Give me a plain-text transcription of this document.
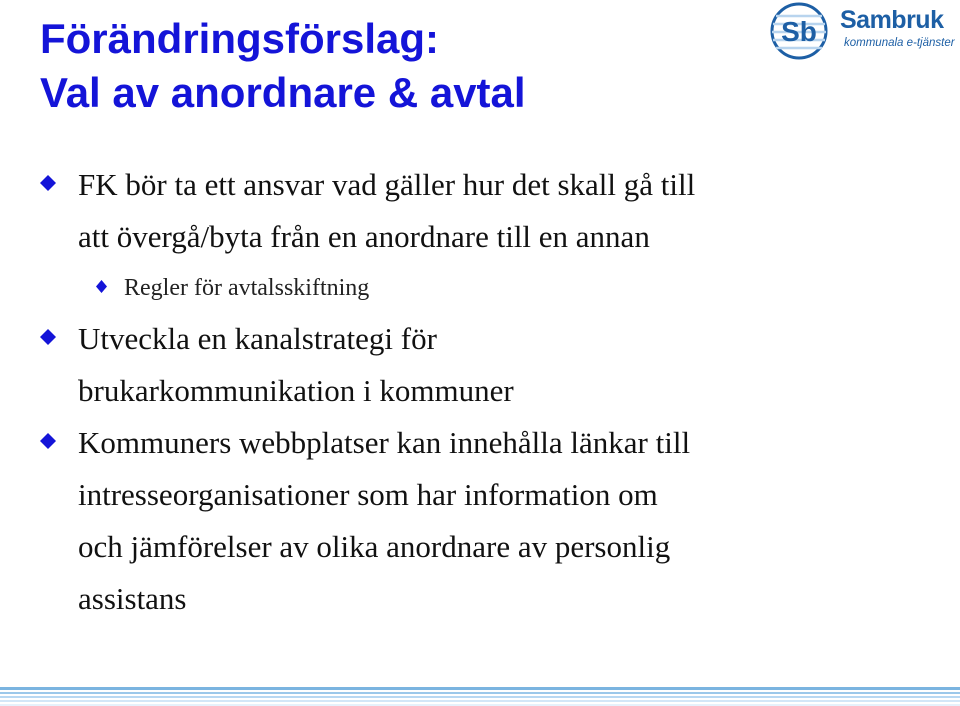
Förändringsförslag:
Val av anordnare & avtal
Sb Sambruk
kommunala e-tjänster
FK bör ta ett ansvar vad gäller hur det skall gå till
att övergå/byta från en anordnare till en annan
Regler för avtalsskiftning
Utveckla en kanalstrategi för
brukarkommunikation i kommuner
Kommuners webbplatser kan innehålla länkar till
intresseorganisationer som har information om
och jämförelser av olika anordnare av personlig
assistans
